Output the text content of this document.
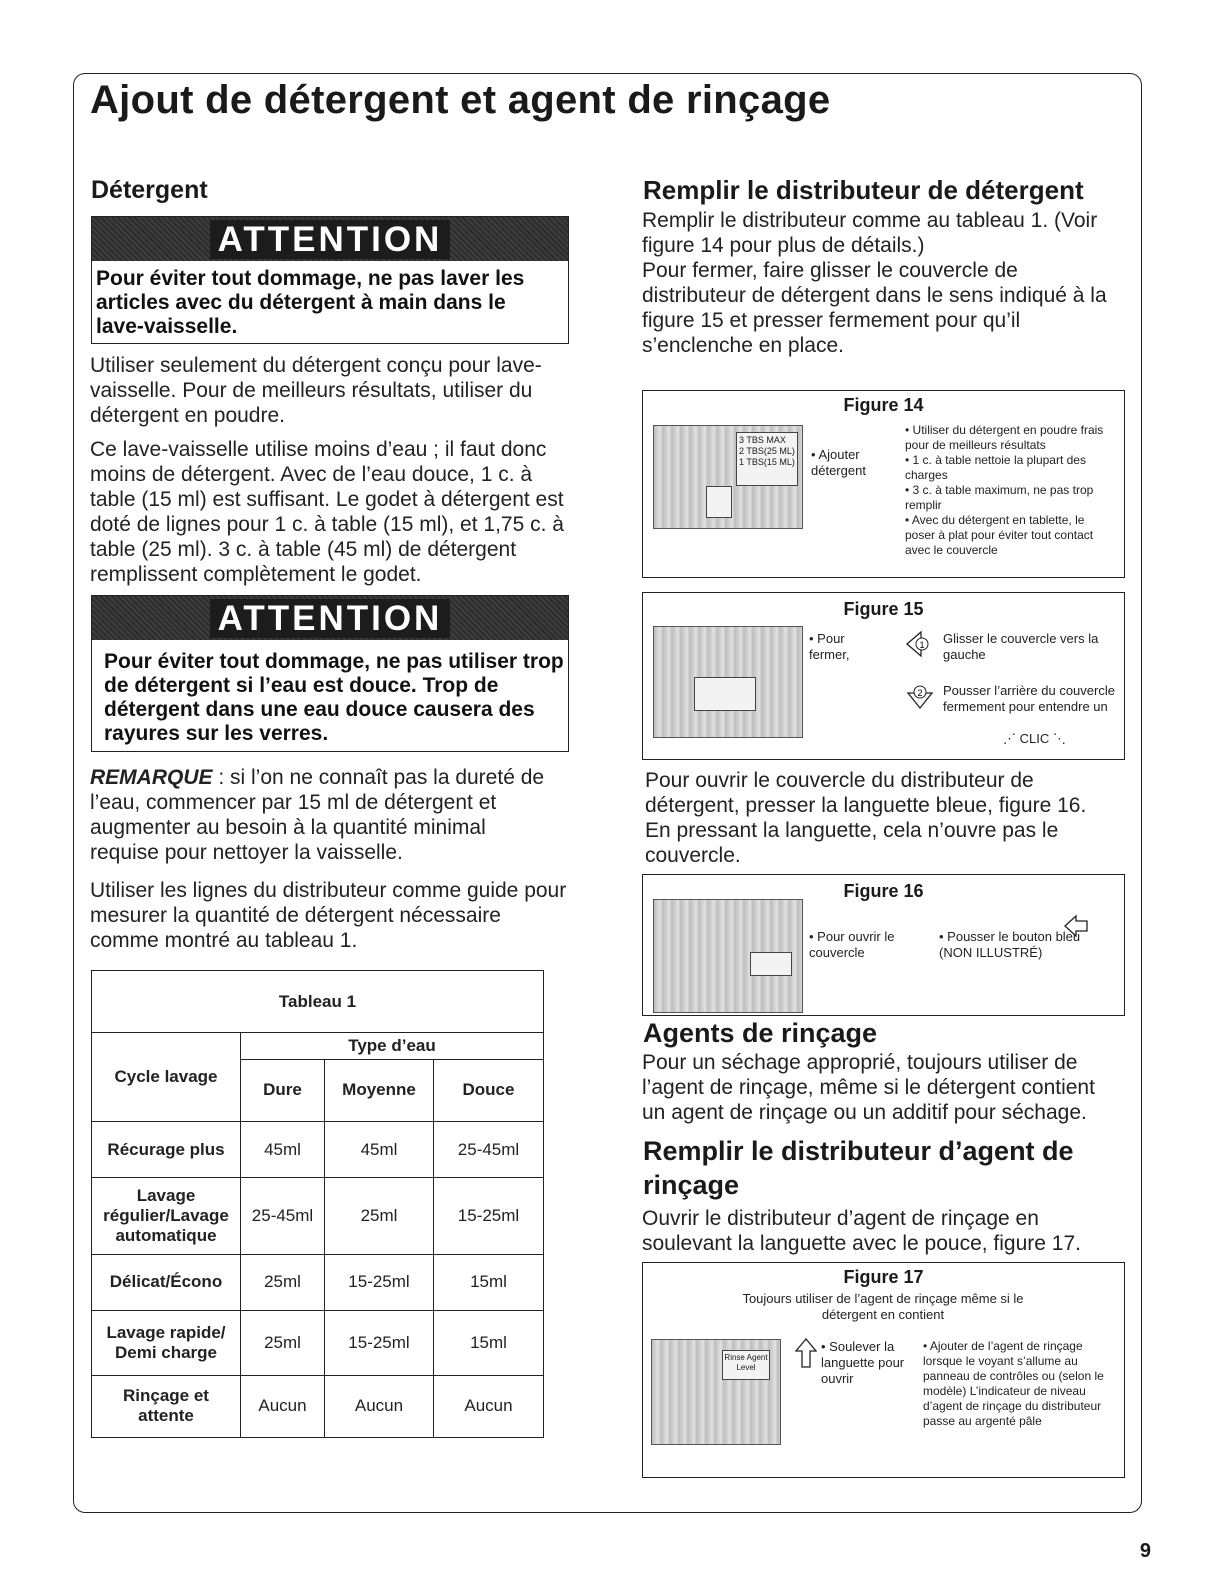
Ajout de détergent et agent de rinçage
Détergent
ATTENTION

Pour éviter tout dommage, ne pas laver les articles avec du détergent à main dans le lave-vaisselle.

Utiliser seulement du détergent conçu pour lave-vaisselle. Pour de meilleurs résultats, utiliser du détergent en poudre.

Ce lave-vaisselle utilise moins d’eau ; il faut donc moins de détergent. Avec de l’eau douce, 1 c. à table (15 ml) est suffisant. Le godet à détergent est doté de lignes pour 1 c. à table (15 ml), et 1,75 c. à table (25 ml). 3 c. à table (45 ml) de détergent remplissent complètement le godet.

ATTENTION

Pour éviter tout dommage, ne pas utiliser trop de détergent si l’eau est douce. Trop de détergent dans une eau douce causera des rayures sur les verres.

REMARQUE : si l’on ne connaît pas la dureté de l’eau, commencer par 15 ml de détergent et augmenter au besoin à la quantité minimal requise pour nettoyer la vaisselle.

Utiliser les lignes du distributeur comme guide pour mesurer la quantité de détergent nécessaire comme montré au tableau 1.

Tableau 1			
Cycle lavage	Type d’eau		
	Dure	Moyenne	Douce
Récurage plus	45ml	45ml	25-45ml
Lavage régulier/Lavage automatique	25-45ml	25ml	15-25ml
Délicat/Écono	25ml	15-25ml	15ml
Lavage rapide/ Demi charge	25ml	15-25ml	15ml
Rinçage et attente	Aucun	Aucun	Aucun
Remplir le distributeur de détergent

Remplir le distributeur comme au tableau 1. (Voir figure 14 pour plus de détails.)

Pour fermer, faire glisser le couvercle de distributeur de détergent dans le sens indiqué à la figure 15 et presser fermement pour qu’il s’enclenche en place.

Figure 14

3 TBS MAX
2 TBS(25 ML)
1 TBS(15 ML) • Ajouter détergent

• Utiliser du détergent en poudre frais pour de meilleurs résultats

• 1 c. à table nettoie la plupart des charges

• 3 c. à table maximum, ne pas trop remplir

• Avec du détergent en tablette, le poser à plat pour éviter tout contact avec le couvercle

Figure 15

• Pour fermer,

1 Glisser le couvercle vers la gauche

2 Pousser l’arrière du couvercle fermement pour entendre un

⋰ CLIC ⋱

Pour ouvrir le couvercle du distributeur de détergent, presser la languette bleue, figure 16. En pressant la languette, cela n’ouvre pas le couvercle.

Figure 16

• Pour ouvrir le couvercle

• Pousser le bouton bleu (NON ILLUSTRÉ)

Agents de rinçage

Pour un séchage approprié, toujours utiliser de l’agent de rinçage, même si le détergent contient un agent de rinçage ou un additif pour séchage.

Remplir le distributeur d’agent de rinçage

Ouvrir le distributeur d’agent de rinçage en soulevant la languette avec le pouce, figure 17.

Figure 17

Toujours utiliser de l’agent de rinçage même si le détergent en contient

Rinse Agent Level

• Soulever la languette pour ouvrir

• Ajouter de l’agent de rinçage lorsque le voyant s’allume au panneau de contrôles ou (selon le modèle) L’indicateur de niveau d’agent de rinçage du distributeur passe au argenté pâle

9
